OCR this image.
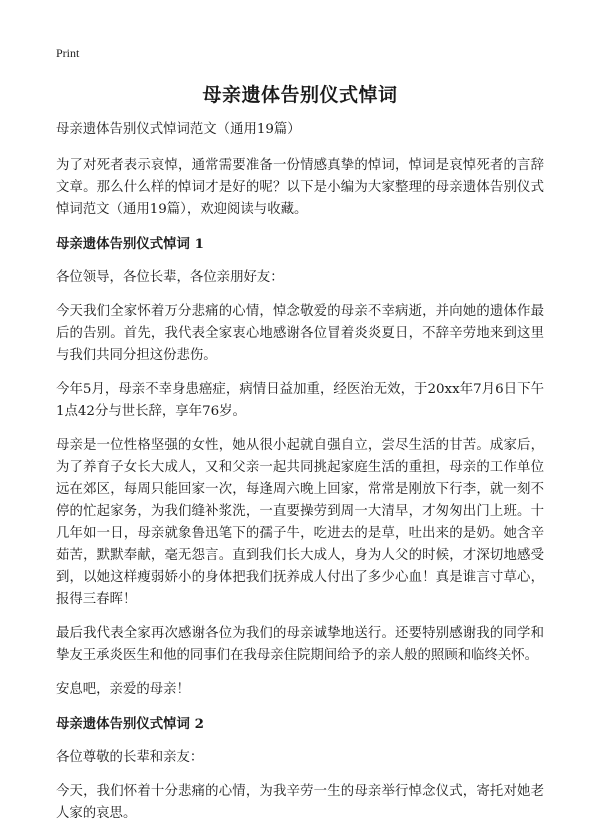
Print
母亲遗体告别仪式悼词

母亲遗体告别仪式悼词范文（通用19篇）

为了对死者表示哀悼，通常需要准备一份情感真挚的悼词，悼词是哀悼死者的言辞文章。那么什么样的悼词才是好的呢？以下是小编为大家整理的母亲遗体告别仪式悼词范文（通用19篇），欢迎阅读与收藏。

母亲遗体告别仪式悼词 1

各位领导，各位长辈，各位亲朋好友：

今天我们全家怀着万分悲痛的心情，悼念敬爱的母亲不幸病逝，并向她的遗体作最后的告别。首先，我代表全家衷心地感谢各位冒着炎炎夏日，不辞辛劳地来到这里与我们共同分担这份悲伤。

今年5月，母亲不幸身患癌症，病情日益加重，经医治无效，于20xx年7月6日下午1点42分与世长辞，享年76岁。

母亲是一位性格坚强的女性，她从很小起就自强自立，尝尽生活的甘苦。成家后，为了养育子女长大成人，又和父亲一起共同挑起家庭生活的重担，母亲的工作单位远在郊区，每周只能回家一次，每逢周六晚上回家，常常是刚放下行李，就一刻不停的忙起家务，为我们缝补浆洗，一直要操劳到周一大清早，才匆匆出门上班。十几年如一日，母亲就象鲁迅笔下的孺子牛，吃进去的是草，吐出来的是奶。她含辛茹苦，默默奉献，毫无怨言。直到我们长大成人，身为人父的时候，才深切地感受到，以她这样瘦弱娇小的身体把我们抚养成人付出了多少心血！真是谁言寸草心，报得三春晖！

最后我代表全家再次感谢各位为我们的母亲诚挚地送行。还要特别感谢我的同学和挚友王承炎医生和他的同事们在我母亲住院期间给予的亲人般的照顾和临终关怀。

安息吧，亲爱的母亲！

母亲遗体告别仪式悼词 2

各位尊敬的长辈和亲友：

今天，我们怀着十分悲痛的心情，为我辛劳一生的母亲举行悼念仪式，寄托对她老人家的哀思。
